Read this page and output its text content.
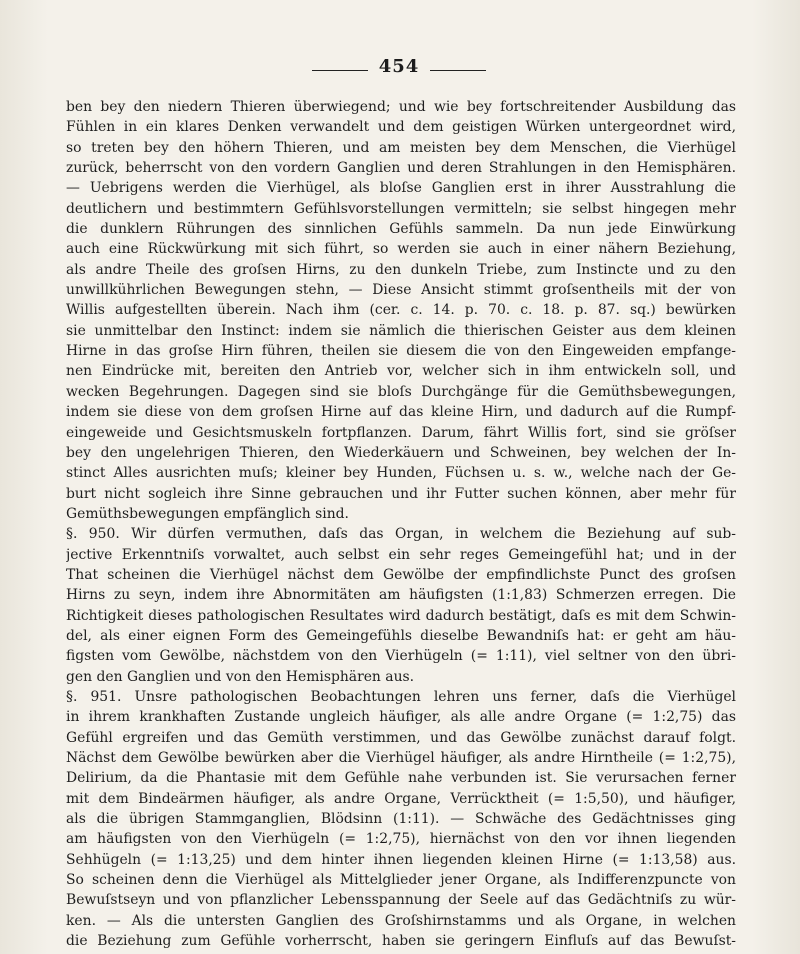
454
ben bey den niedern Thieren überwiegend; und wie bey fortschreitender Ausbildung das
Fühlen in ein klares Denken verwandelt und dem geistigen Würken untergeordnet wird,
so treten bey den höhern Thieren, und am meisten bey dem Menschen, die Vierhügel
zurück, beherrscht von den vordern Ganglien und deren Strahlungen in den Hemisphären.
— Uebrigens werden die Vierhügel, als bloſse Ganglien erst in ihrer Ausstrahlung die
deutlichern und bestimmtern Gefühlsvorstellungen vermitteln; sie selbst hingegen mehr
die dunklern Rührungen des sinnlichen Gefühls sammeln. Da nun jede Einwürkung
auch eine Rückwürkung mit sich führt, so werden sie auch in einer nähern Beziehung,
als andre Theile des groſsen Hirns, zu den dunkeln Triebe, zum Instincte und zu den
unwillkührlichen Bewegungen stehn, — Diese Ansicht stimmt groſsentheils mit der von
Willis aufgestellten überein. Nach ihm (cer. c. 14. p. 70. c. 18. p. 87. sq.) bewürken
sie unmittelbar den Instinct: indem sie nämlich die thierischen Geister aus dem kleinen
Hirne in das groſse Hirn führen, theilen sie diesem die von den Eingeweiden empfange-
nen Eindrücke mit, bereiten den Antrieb vor, welcher sich in ihm entwickeln soll, und
wecken Begehrungen. Dagegen sind sie bloſs Durchgänge für die Gemüthsbewegungen,
indem sie diese von dem groſsen Hirne auf das kleine Hirn, und dadurch auf die Rumpf-
eingeweide und Gesichtsmuskeln fortpflanzen. Darum, fährt Willis fort, sind sie gröſser
bey den ungelehrigen Thieren, den Wiederkäuern und Schweinen, bey welchen der In-
stinct Alles ausrichten muſs; kleiner bey Hunden, Füchsen u. s. w., welche nach der Ge-
burt nicht sogleich ihre Sinne gebrauchen und ihr Futter suchen können, aber mehr für
Gemüthsbewegungen empfänglich sind.
§. 950. Wir dürfen vermuthen, daſs das Organ, in welchem die Beziehung auf sub-
jective Erkenntniſs vorwaltet, auch selbst ein sehr reges Gemeingefühl hat; und in der
That scheinen die Vierhügel nächst dem Gewölbe der empfindlichste Punct des groſsen
Hirns zu seyn, indem ihre Abnormitäten am häufigsten (1:1,83) Schmerzen erregen. Die
Richtigkeit dieses pathologischen Resultates wird dadurch bestätigt, daſs es mit dem Schwin-
del, als einer eignen Form des Gemeingefühls dieselbe Bewandniſs hat: er geht am häu-
figsten vom Gewölbe, nächstdem von den Vierhügeln (= 1:11), viel seltner von den übri-
gen den Ganglien und von den Hemisphären aus.
§. 951. Unsre pathologischen Beobachtungen lehren uns ferner, daſs die Vierhügel
in ihrem krankhaften Zustande ungleich häufiger, als alle andre Organe (= 1:2,75) das
Gefühl ergreifen und das Gemüth verstimmen, und das Gewölbe zunächst darauf folgt.
Nächst dem Gewölbe bewürken aber die Vierhügel häufiger, als andre Hirntheile (= 1:2,75),
Delirium, da die Phantasie mit dem Gefühle nahe verbunden ist. Sie verursachen ferner
mit dem Bindeärmen häufiger, als andre Organe, Verrücktheit (= 1:5,50), und häufiger,
als die übrigen Stammganglien, Blödsinn (1:11). — Schwäche des Gedächtnisses ging
am häufigsten von den Vierhügeln (= 1:2,75), hiernächst von den vor ihnen liegenden
Sehhügeln (= 1:13,25) und dem hinter ihnen liegenden kleinen Hirne (= 1:13,58) aus.
So scheinen denn die Vierhügel als Mittelglieder jener Organe, als Indifferenzpuncte von
Bewuſstseyn und von pflanzlicher Lebensspannung der Seele auf das Gedächtniſs zu wür-
ken. — Als die untersten Ganglien des Groſshirnstamms und als Organe, in welchen
die Beziehung zum Gefühle vorherrscht, haben sie geringern Einfluſs auf das Bewuſst-
